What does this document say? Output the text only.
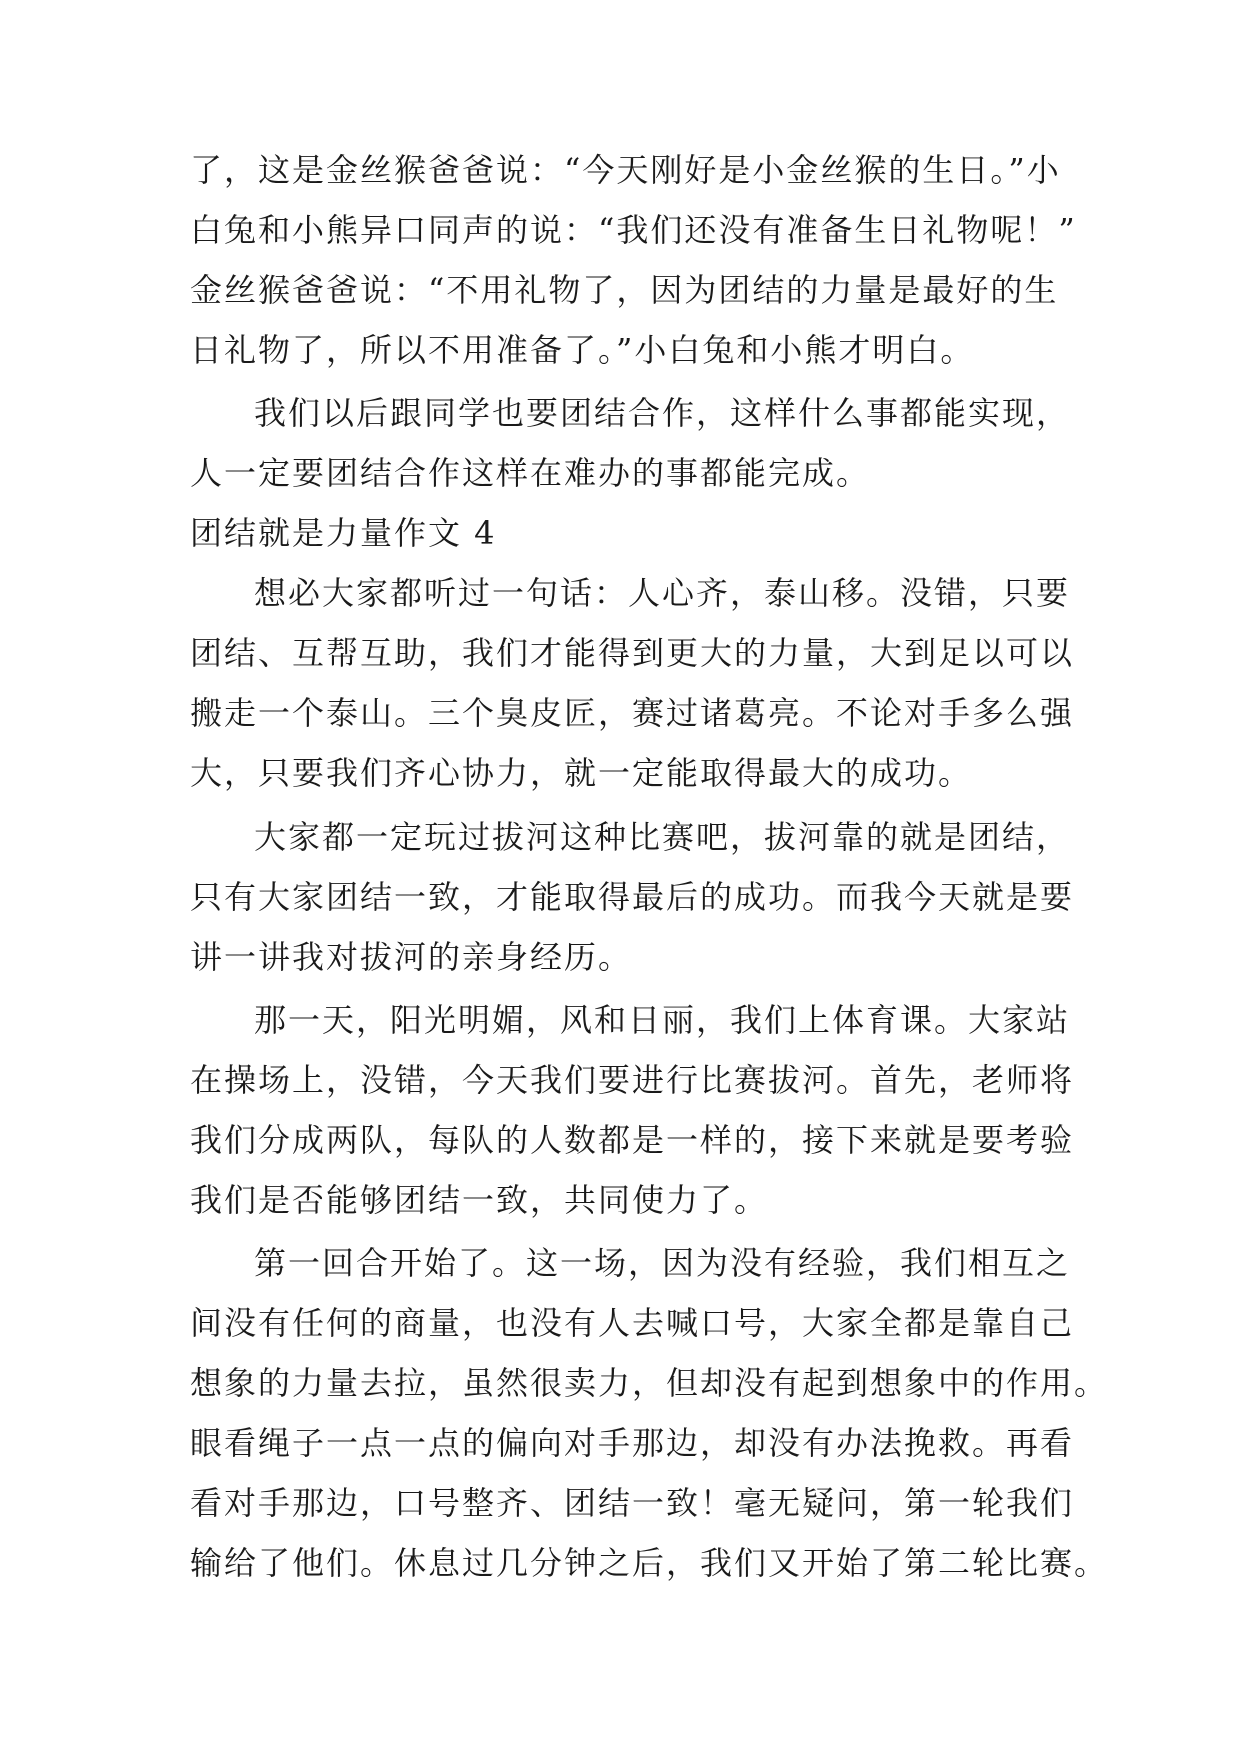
了，这是金丝猴爸爸说：“今天刚好是小金丝猴的生日。”小
白兔和小熊异口同声的说：“我们还没有准备生日礼物呢！”
金丝猴爸爸说：“不用礼物了，因为团结的力量是最好的生
日礼物了，所以不用准备了。”小白兔和小熊才明白。
我们以后跟同学也要团结合作，这样什么事都能实现，
人一定要团结合作这样在难办的事都能完成。
团结就是力量作文 4
想必大家都听过一句话：人心齐，泰山移。没错，只要
团结、互帮互助，我们才能得到更大的力量，大到足以可以
搬走一个泰山。三个臭皮匠，赛过诸葛亮。不论对手多么强
大，只要我们齐心协力，就一定能取得最大的成功。
大家都一定玩过拔河这种比赛吧，拔河靠的就是团结，
只有大家团结一致，才能取得最后的成功。而我今天就是要
讲一讲我对拔河的亲身经历。
那一天，阳光明媚，风和日丽，我们上体育课。大家站
在操场上，没错，今天我们要进行比赛拔河。首先，老师将
我们分成两队，每队的人数都是一样的，接下来就是要考验
我们是否能够团结一致，共同使力了。
第一回合开始了。这一场，因为没有经验，我们相互之
间没有任何的商量，也没有人去喊口号，大家全都是靠自己
想象的力量去拉，虽然很卖力，但却没有起到想象中的作用。
眼看绳子一点一点的偏向对手那边，却没有办法挽救。再看
看对手那边，口号整齐、团结一致！毫无疑问，第一轮我们
输给了他们。休息过几分钟之后，我们又开始了第二轮比赛。
